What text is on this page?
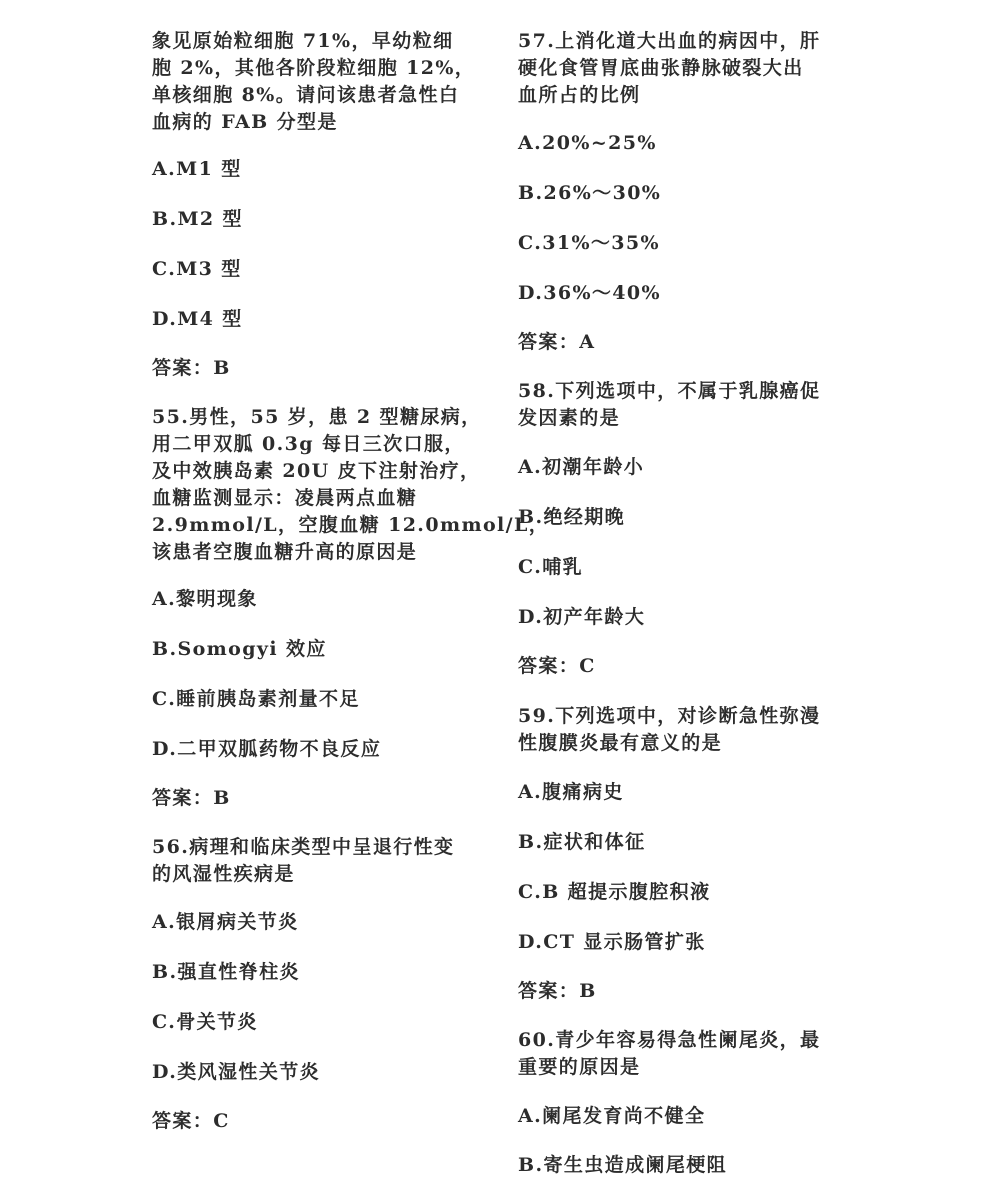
象见原始粒细胞 71%，早幼粒细
胞 2%，其他各阶段粒细胞 12%，
单核细胞 8%。请问该患者急性白
血病的 FAB 分型是
A.M1 型
B.M2 型
C.M3 型
D.M4 型
答案：B
55.男性，55 岁，患 2 型糖尿病，
用二甲双胍 0.3g 每日三次口服，
及中效胰岛素 20U 皮下注射治疗，
血糖监测显示：凌晨两点血糖
2.9mmol/L，空腹血糖 12.0mmol/L，
该患者空腹血糖升高的原因是
A.黎明现象
B.Somogyi 效应
C.睡前胰岛素剂量不足
D.二甲双胍药物不良反应
答案：B
56.病理和临床类型中呈退行性变
的风湿性疾病是
A.银屑病关节炎
B.强直性脊柱炎
C.骨关节炎
D.类风湿性关节炎
答案：C
57.上消化道大出血的病因中，肝
硬化食管胃底曲张静脉破裂大出
血所占的比例
A.20%~25%
B.26%～30%
C.31%～35%
D.36%～40%
答案：A
58.下列选项中，不属于乳腺癌促
发因素的是
A.初潮年龄小
B.绝经期晚
C.哺乳
D.初产年龄大
答案：C
59.下列选项中，对诊断急性弥漫
性腹膜炎最有意义的是
A.腹痛病史
B.症状和体征
C.B 超提示腹腔积液
D.CT 显示肠管扩张
答案：B
60.青少年容易得急性阑尾炎，最
重要的原因是
A.阑尾发育尚不健全
B.寄生虫造成阑尾梗阻
